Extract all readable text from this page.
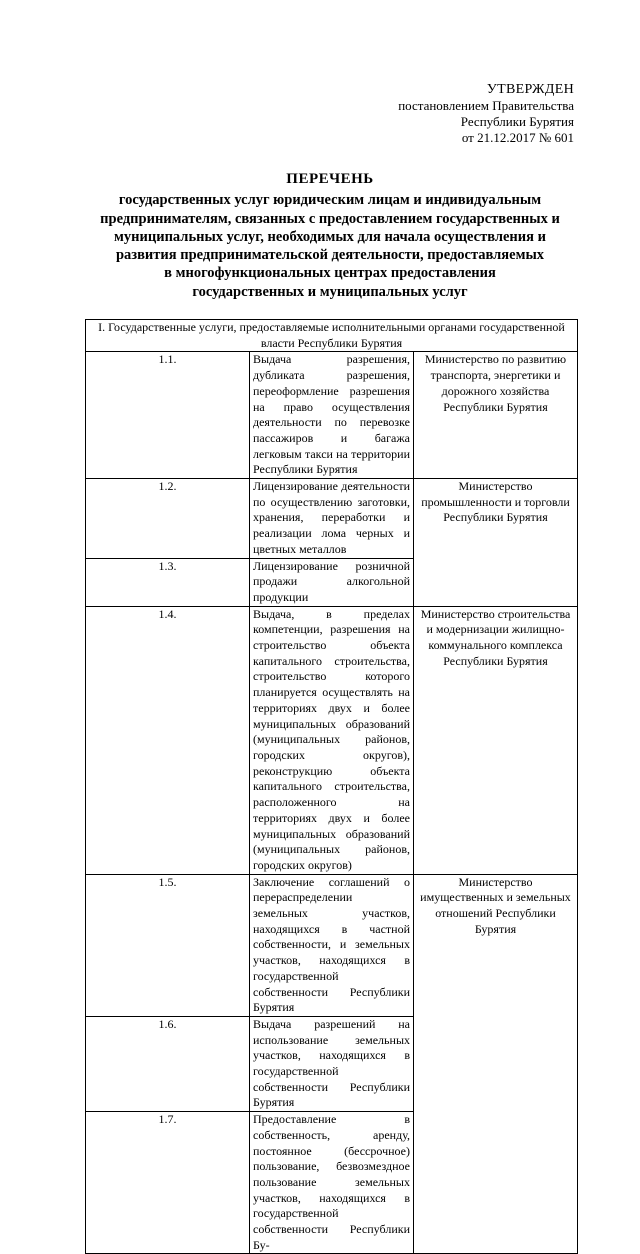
УТВЕРЖДЕН
постановлением Правительства
Республики Бурятия
от 21.12.2017 № 601
ПЕРЕЧЕНЬ
государственных услуг юридическим лицам и индивидуальным
предпринимателям, связанных с предоставлением государственных и
муниципальных услуг, необходимых для начала осуществления и
развития предпринимательской деятельности, предоставляемых
в многофункциональных центрах предоставления
государственных и муниципальных услуг
I. Государственные услуги, предоставляемые исполнительными органами государственной власти Республики Бурятия		
1.1.	Выдача разрешения, дубликата разрешения, переоформление разрешения на право осуществления деятельности по перевозке пассажиров и багажа легковым такси на территории Республики Бурятия	Министерство по развитию транспорта, энергетики и дорожного хозяйства Республики Бурятия
1.2.	Лицензирование деятельности по осуществлению заготовки, хранения, переработки и реализации лома черных и цветных металлов	Министерство промышленности и торговли Республики Бурятия
1.3.	Лицензирование розничной продажи алкогольной продукции	
1.4.	Выдача, в пределах компетенции, разрешения на строительство объекта капитального строительства, строительство которого планируется осуществлять на территориях двух и более муниципальных образований (муниципальных районов, городских округов), реконструкцию объекта капитального строительства, расположенного на территориях двух и более муниципальных образований (муниципальных районов, городских округов)	Министерство строительства и модернизации жилищно-коммунального комплекса Республики Бурятия
1.5.	Заключение соглашений о перераспределении земельных участков, находящихся в частной собственности, и земельных участков, находящихся в государственной собственности Республики Бурятия	Министерство имущественных и земельных отношений Республики Бурятия
1.6.	Выдача разрешений на использование земельных участков, находящихся в государственной собственности Республики Бурятия	
1.7.	Предоставление в собственность, аренду, постоянное (бессрочное) пользование, безвозмездное пользование земельных участков, находящихся в государственной собственности Республики Бу-	
